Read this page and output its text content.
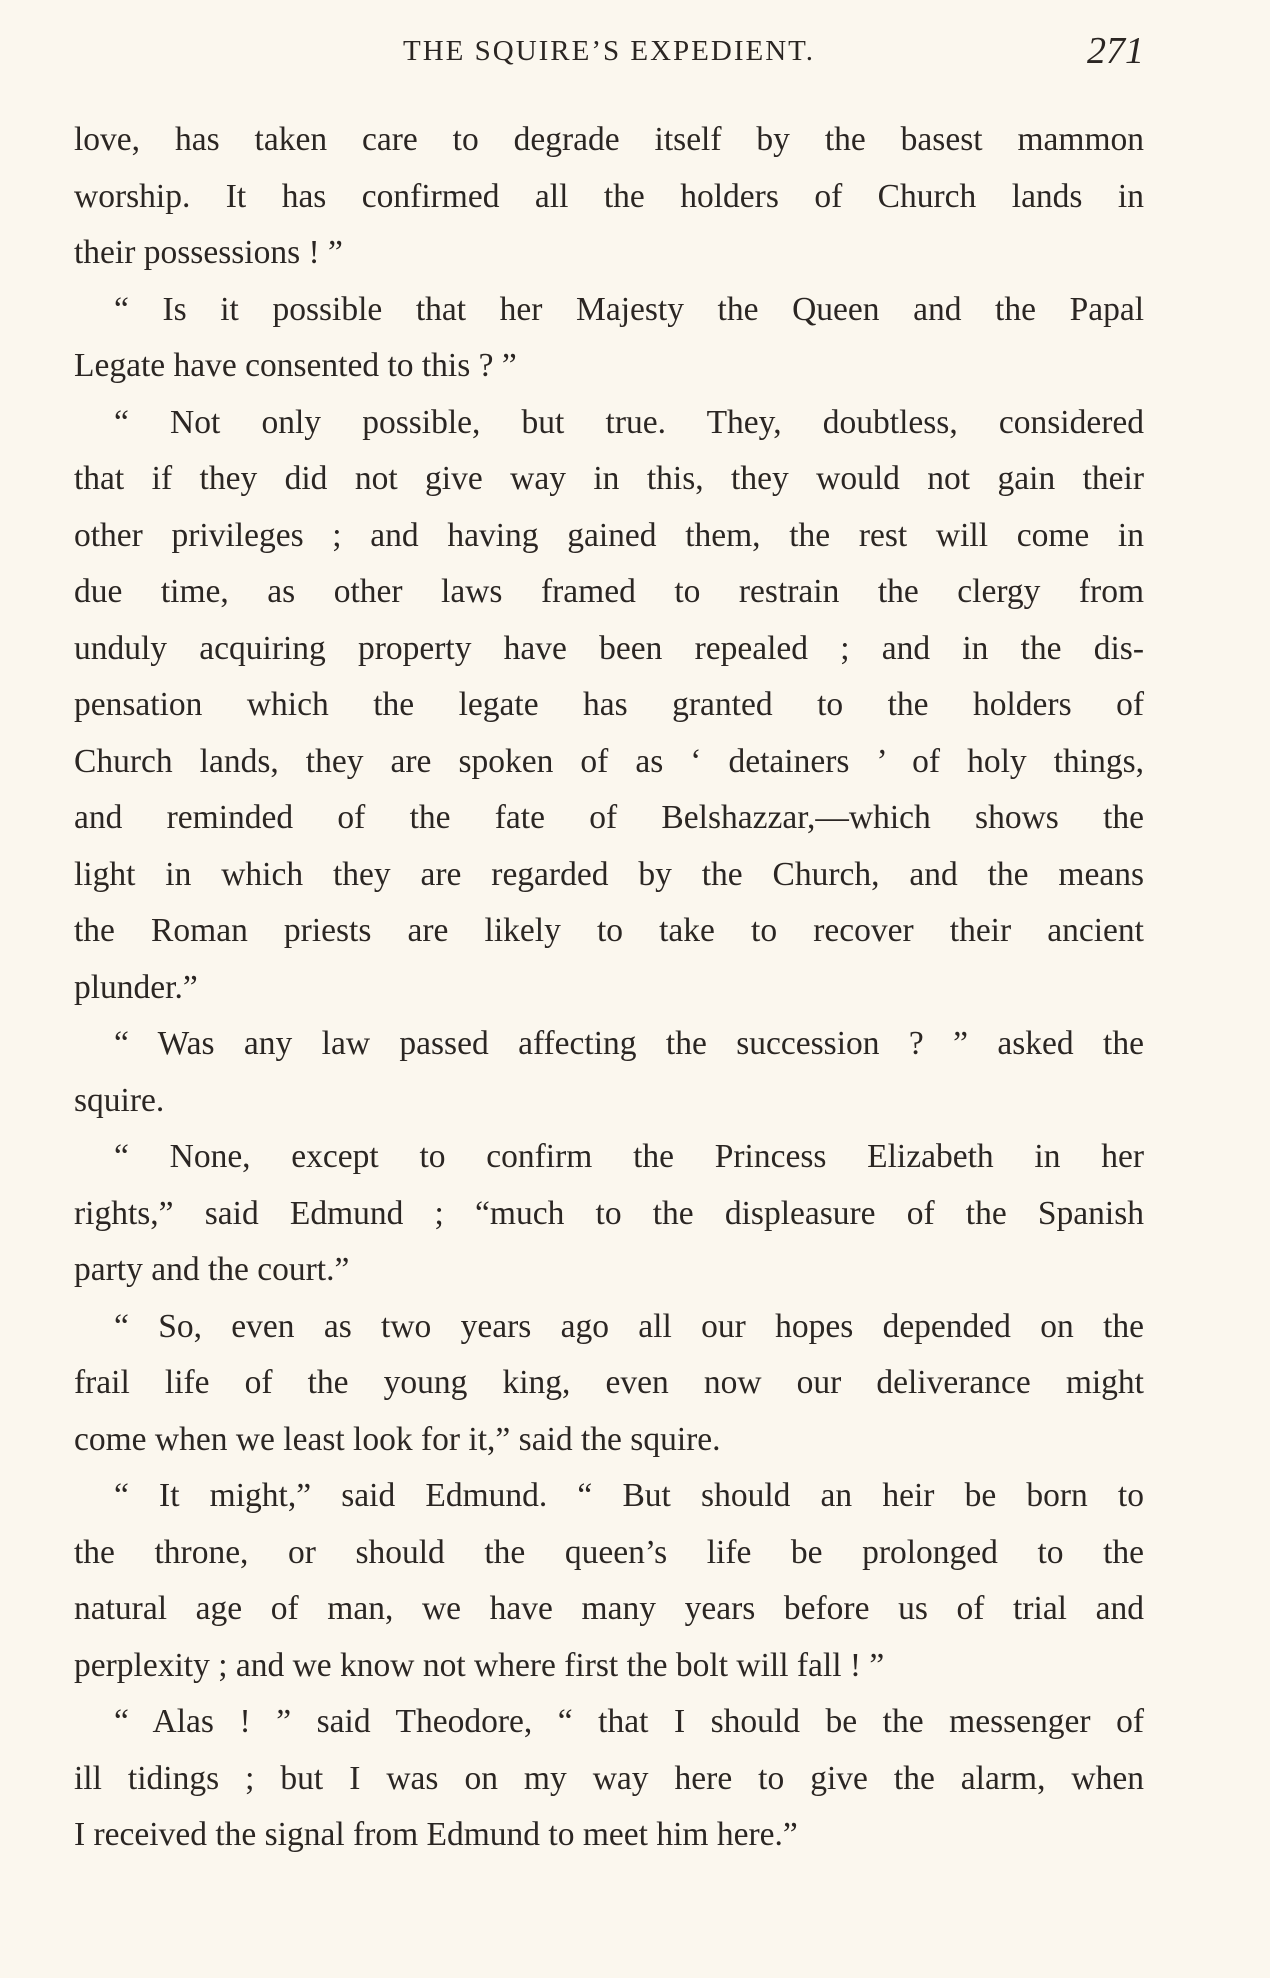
THE SQUIRE’S EXPEDIENT.	271
love, has taken care to degrade itself by the basest mammon
worship. It has confirmed all the holders of Church lands in
their possessions ! ”
“ Is it possible that her Majesty the Queen and the Papal
Legate have consented to this ? ”
“ Not only possible, but true. They, doubtless, considered
that if they did not give way in this, they would not gain their
other privileges ; and having gained them, the rest will come in
due time, as other laws framed to restrain the clergy from
unduly acquiring property have been repealed ; and in the dis-
pensation which the legate has granted to the holders of
Church lands, they are spoken of as ‘ detainers ’ of holy things,
and reminded of the fate of Belshazzar,—which shows the
light in which they are regarded by the Church, and the means
the Roman priests are likely to take to recover their ancient
plunder.”
“ Was any law passed affecting the succession ? ” asked the
squire.
“ None, except to confirm the Princess Elizabeth in her
rights,” said Edmund ; “much to the displeasure of the Spanish
party and the court.”
“ So, even as two years ago all our hopes depended on the
frail life of the young king, even now our deliverance might
come when we least look for it,” said the squire.
“ It might,” said Edmund. “ But should an heir be born to
the throne, or should the queen’s life be prolonged to the
natural age of man, we have many years before us of trial and
perplexity ; and we know not where first the bolt will fall ! ”
“ Alas ! ” said Theodore, “ that I should be the messenger of
ill tidings ; but I was on my way here to give the alarm, when
I received the signal from Edmund to meet him here.”
